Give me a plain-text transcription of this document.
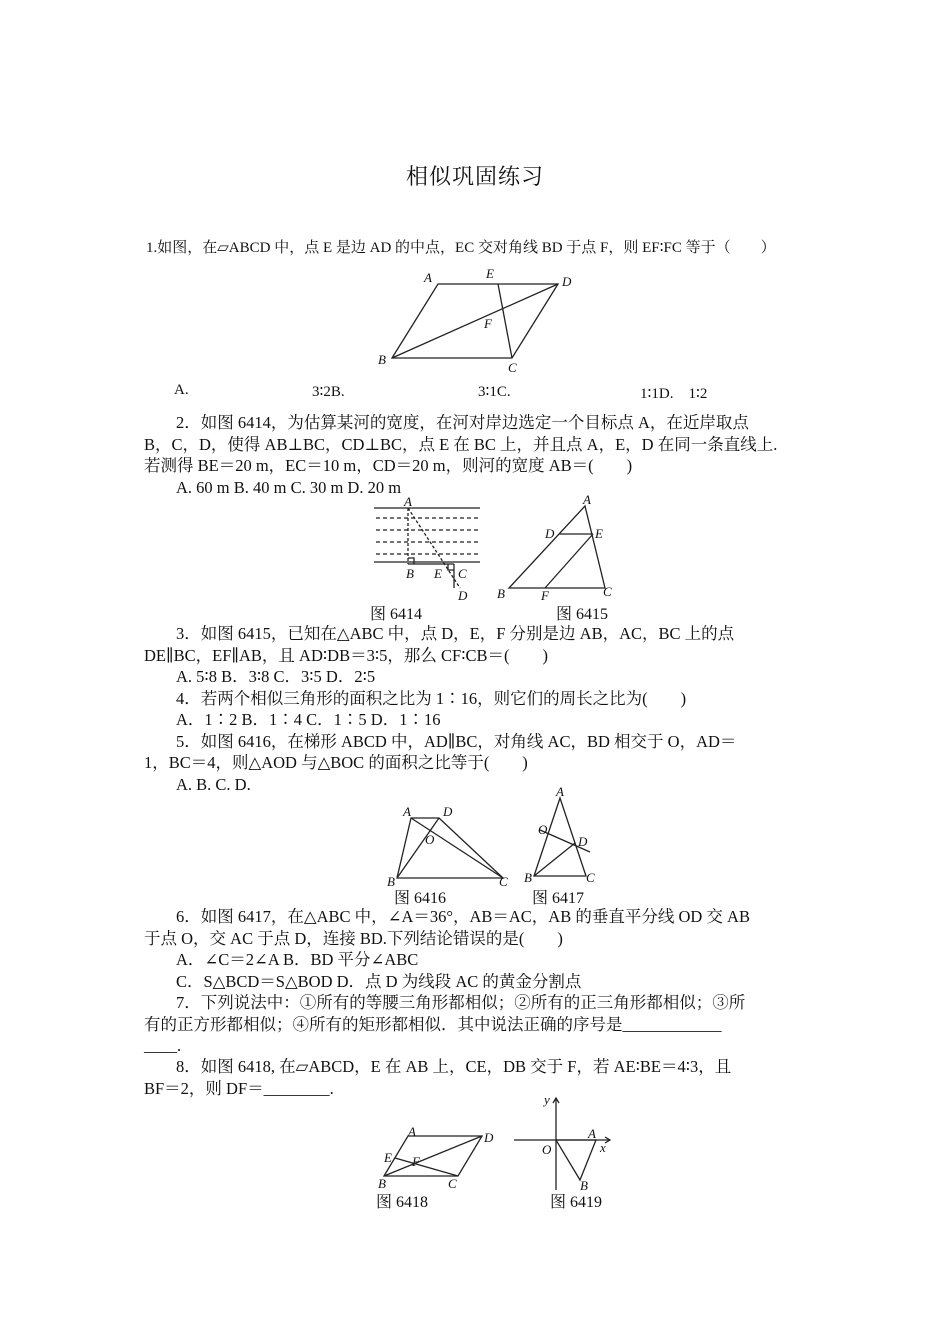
相似巩固练习
1.如图，在▱ABCD 中，点 E 是边 AD 的中点，EC 交对角线 BD 于点 F，则 EF∶FC 等于（　　）
A	E
D
F
B
C
A.	3∶2B.	3∶1C.	1∶1D.　1∶2
2．如图 6414，为估算某河的宽度，在河对岸边选定一个目标点 A，在近岸取点
B，C，D，使得 AB⊥BC，CD⊥BC，点 E 在 BC 上，并且点 A，E，D 在同一条直线上.
若测得 BE＝20 m，EC＝10 m，CD＝20 m，则河的宽度 AB＝(　　)
A. 60 m B. 40 m C. 30 m D. 20 m
A
B E C
D
图 6414
A
D	E
B	F	C
图 6415
3．如图 6415，已知在△ABC 中，点 D，E，F 分别是边 AB，AC，BC 上的点
DE∥BC，EF∥AB，且 AD∶DB＝3∶5，那么 CF∶CB＝(　　)
A. 5∶8 B．3∶8 C．3∶5 D．2∶5
4．若两个相似三角形的面积之比为 1∶16，则它们的周长之比为(　　)
A．1∶2 B．1∶4 C．1∶5 D．1∶16
5．如图 6416，在梯形 ABCD 中，AD∥BC，对角线 AC，BD 相交于 O，AD＝
1，BC＝4，则△AOD 与△BOC 的面积之比等于(　　)
A. B. C. D.
A D
O
B	C
图 6416
A
O
D
B	C
图 6417
6．如图 6417，在△ABC 中，∠A＝36°，AB＝AC，AB 的垂直平分线 OD 交 AB
于点 O，交 AC 于点 D，连接 BD.下列结论错误的是(　　)
A．∠C＝2∠A B．BD 平分∠ABC
C．S△BCD＝S△BOD D．点 D 为线段 AC 的黄金分割点
7．下列说法中：①所有的等腰三角形都相似；②所有的正三角形都相似；③所
有的正方形都相似；④所有的矩形都相似．其中说法正确的序号是____________
____.
8．如图 6418, 在▱ABCD，E 在 AB 上，CE，DB 交于 F，若 AE∶BE＝4∶3，且
BF＝2，则 DF＝________.
A	D
E F
B	C
图 6418
y
A
O	x
B
图 6419
